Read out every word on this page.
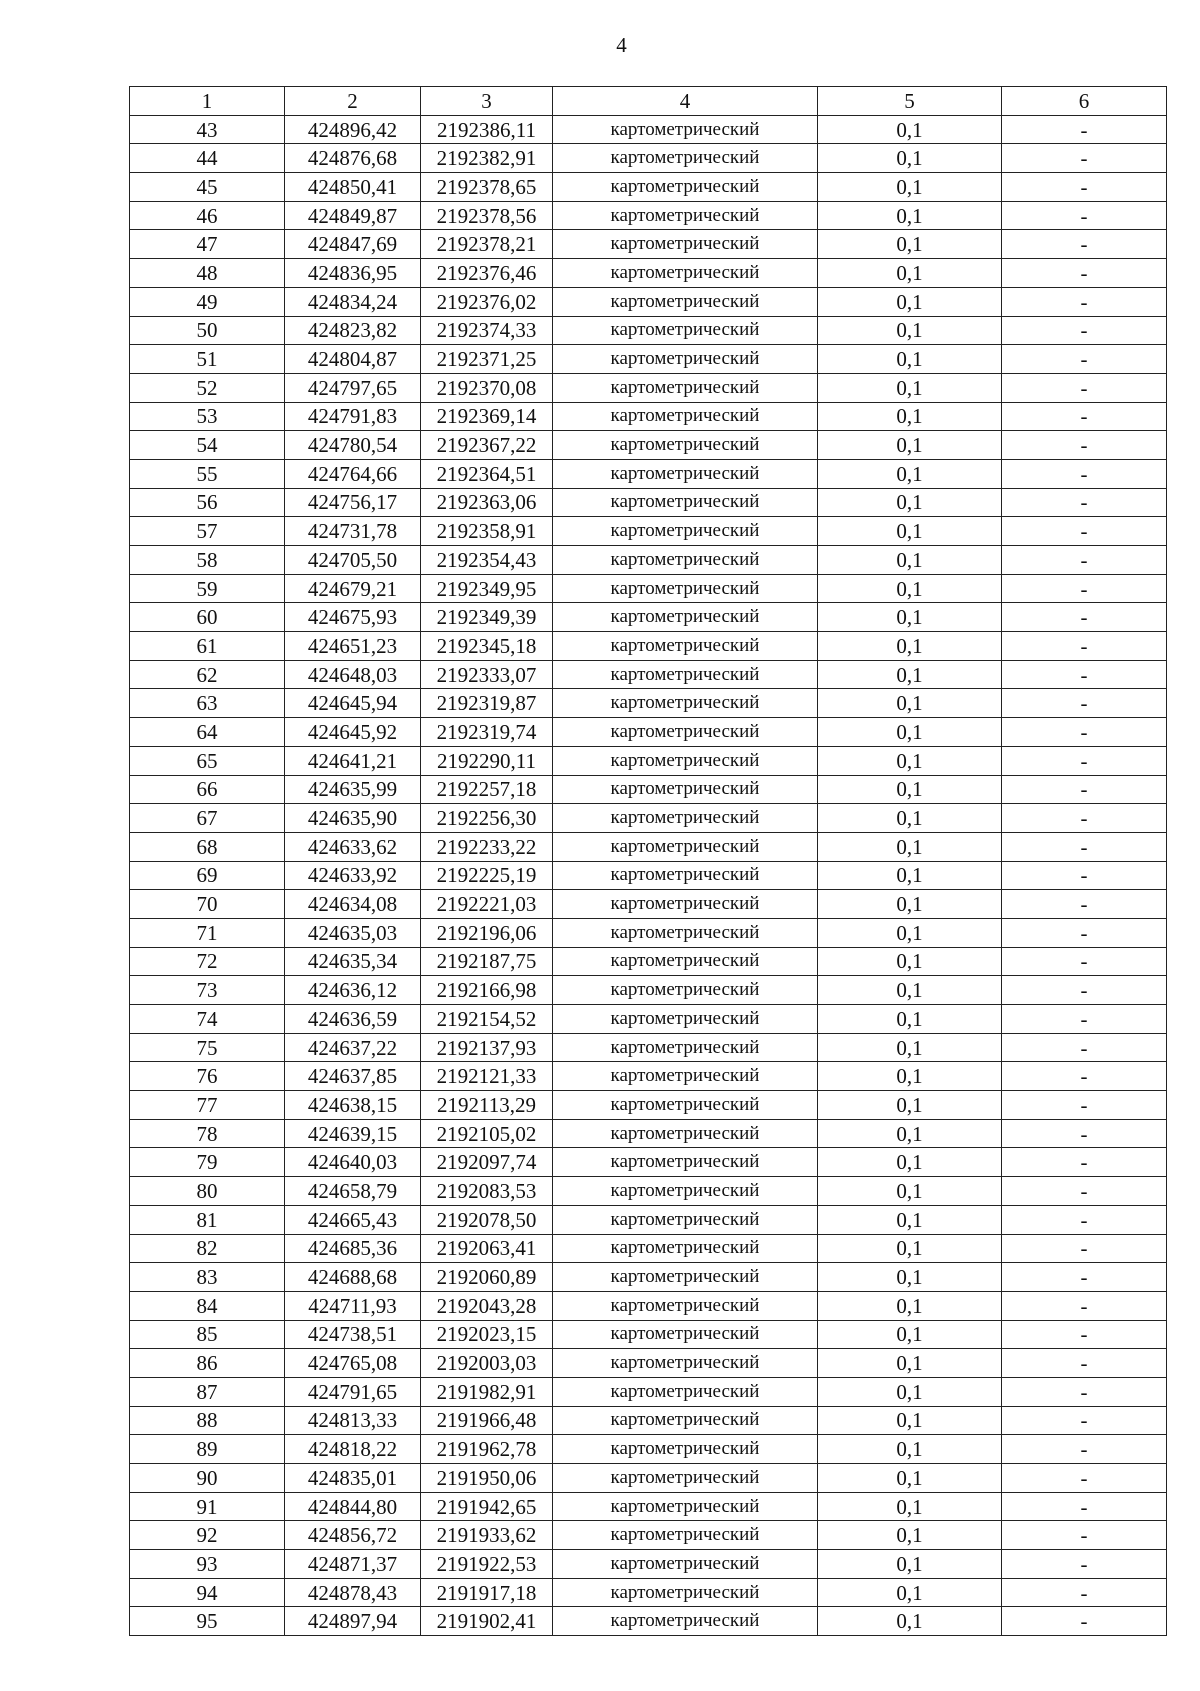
4
1	2	3	4	5	6
43	424896,42	2192386,11	картометрический	0,1	-
44	424876,68	2192382,91	картометрический	0,1	-
45	424850,41	2192378,65	картометрический	0,1	-
46	424849,87	2192378,56	картометрический	0,1	-
47	424847,69	2192378,21	картометрический	0,1	-
48	424836,95	2192376,46	картометрический	0,1	-
49	424834,24	2192376,02	картометрический	0,1	-
50	424823,82	2192374,33	картометрический	0,1	-
51	424804,87	2192371,25	картометрический	0,1	-
52	424797,65	2192370,08	картометрический	0,1	-
53	424791,83	2192369,14	картометрический	0,1	-
54	424780,54	2192367,22	картометрический	0,1	-
55	424764,66	2192364,51	картометрический	0,1	-
56	424756,17	2192363,06	картометрический	0,1	-
57	424731,78	2192358,91	картометрический	0,1	-
58	424705,50	2192354,43	картометрический	0,1	-
59	424679,21	2192349,95	картометрический	0,1	-
60	424675,93	2192349,39	картометрический	0,1	-
61	424651,23	2192345,18	картометрический	0,1	-
62	424648,03	2192333,07	картометрический	0,1	-
63	424645,94	2192319,87	картометрический	0,1	-
64	424645,92	2192319,74	картометрический	0,1	-
65	424641,21	2192290,11	картометрический	0,1	-
66	424635,99	2192257,18	картометрический	0,1	-
67	424635,90	2192256,30	картометрический	0,1	-
68	424633,62	2192233,22	картометрический	0,1	-
69	424633,92	2192225,19	картометрический	0,1	-
70	424634,08	2192221,03	картометрический	0,1	-
71	424635,03	2192196,06	картометрический	0,1	-
72	424635,34	2192187,75	картометрический	0,1	-
73	424636,12	2192166,98	картометрический	0,1	-
74	424636,59	2192154,52	картометрический	0,1	-
75	424637,22	2192137,93	картометрический	0,1	-
76	424637,85	2192121,33	картометрический	0,1	-
77	424638,15	2192113,29	картометрический	0,1	-
78	424639,15	2192105,02	картометрический	0,1	-
79	424640,03	2192097,74	картометрический	0,1	-
80	424658,79	2192083,53	картометрический	0,1	-
81	424665,43	2192078,50	картометрический	0,1	-
82	424685,36	2192063,41	картометрический	0,1	-
83	424688,68	2192060,89	картометрический	0,1	-
84	424711,93	2192043,28	картометрический	0,1	-
85	424738,51	2192023,15	картометрический	0,1	-
86	424765,08	2192003,03	картометрический	0,1	-
87	424791,65	2191982,91	картометрический	0,1	-
88	424813,33	2191966,48	картометрический	0,1	-
89	424818,22	2191962,78	картометрический	0,1	-
90	424835,01	2191950,06	картометрический	0,1	-
91	424844,80	2191942,65	картометрический	0,1	-
92	424856,72	2191933,62	картометрический	0,1	-
93	424871,37	2191922,53	картометрический	0,1	-
94	424878,43	2191917,18	картометрический	0,1	-
95	424897,94	2191902,41	картометрический	0,1	-
